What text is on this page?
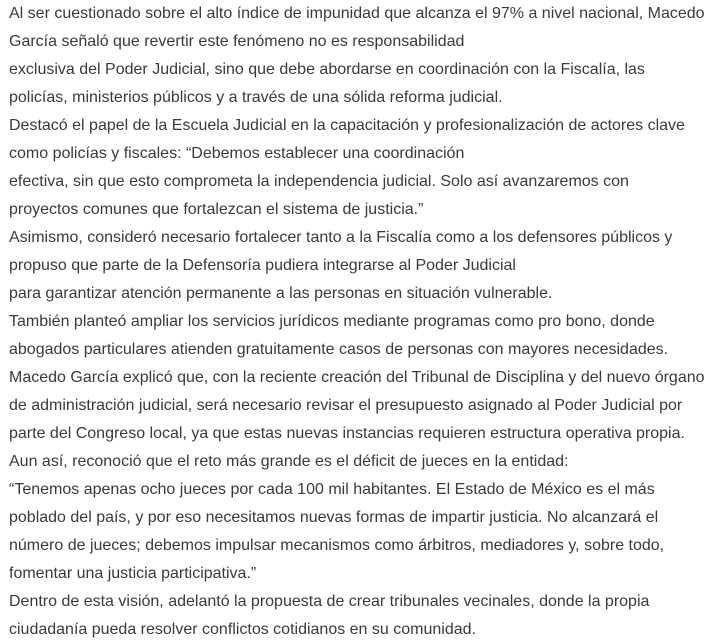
Al ser cuestionado sobre el alto índice de impunidad que alcanza el 97% a nivel nacional, Macedo
García señaló que revertir este fenómeno no es responsabilidad
exclusiva del Poder Judicial, sino que debe abordarse en coordinación con la Fiscalía, las
policías, ministerios públicos y a través de una sólida reforma judicial.
Destacó el papel de la Escuela Judicial en la capacitación y profesionalización de actores clave
como policías y fiscales: “Debemos establecer una coordinación
efectiva, sin que esto comprometa la independencia judicial. Solo así avanzaremos con
proyectos comunes que fortalezcan el sistema de justicia.”
Asimismo, consideró necesario fortalecer tanto a la Fiscalía como a los defensores públicos y
propuso que parte de la Defensoría pudiera integrarse al Poder Judicial
para garantizar atención permanente a las personas en situación vulnerable.
También planteó ampliar los servicios jurídicos mediante programas como pro bono, donde
abogados particulares atienden gratuitamente casos de personas con mayores necesidades.
Macedo García explicó que, con la reciente creación del Tribunal de Disciplina y del nuevo órgano
de administración judicial, será necesario revisar el presupuesto asignado al Poder Judicial por
parte del Congreso local, ya que estas nuevas instancias requieren estructura operativa propia.
Aun así, reconoció que el reto más grande es el déficit de jueces en la entidad:
“Tenemos apenas ocho jueces por cada 100 mil habitantes. El Estado de México es el más
poblado del país, y por eso necesitamos nuevas formas de impartir justicia. No alcanzará el
número de jueces; debemos impulsar mecanismos como árbitros, mediadores y, sobre todo,
fomentar una justicia participativa.”
Dentro de esta visión, adelantó la propuesta de crear tribunales vecinales, donde la propia
ciudadanía pueda resolver conflictos cotidianos en su comunidad.
